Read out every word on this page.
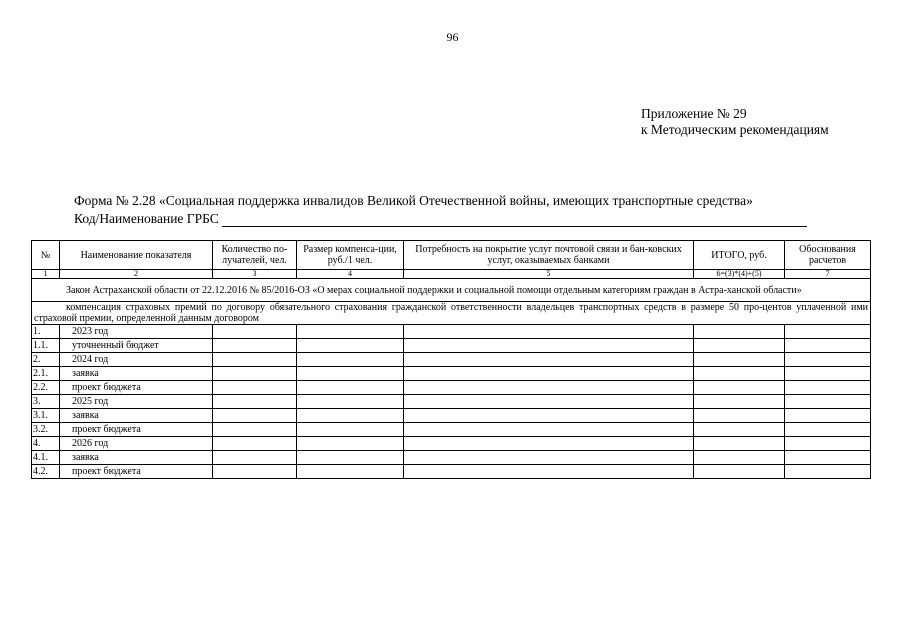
96
Приложение № 29
к Методическим рекомендациям
Форма № 2.28 «Социальная поддержка инвалидов Великой Отечественной войны, имеющих транспортные средства»
Код/Наименование ГРБС
№	Наименование показателя	Количество по-лучателей, чел.	Размер компенса-ции, руб./1 чел.	Потребность на покрытие услуг почтовой связи и бан-ковских услуг, оказываемых банками	ИТОГО, руб.	Обоснования расчетов
1	2	3	4	5	6=(3)*(4)+(5)	7
Закон Астраханской области от 22.12.2016 № 85/2016-ОЗ «О мерах социальной поддержки и социальной помощи отдельным категориям граждан в Астра-ханской области»						
компенсация страховых премий по договору обязательного страхования гражданской ответственности владельцев транспортных средств в размере 50 про-центов уплаченной ими страховой премии, определенной данным договором						
1.	2023 год					
1.1.	уточненный бюджет					
2.	2024 год					
2.1.	заявка					
2.2.	проект бюджета					
3.	2025 год					
3.1.	заявка					
3.2.	проект бюджета					
4.	2026 год					
4.1.	заявка					
4.2.	проект бюджета					
